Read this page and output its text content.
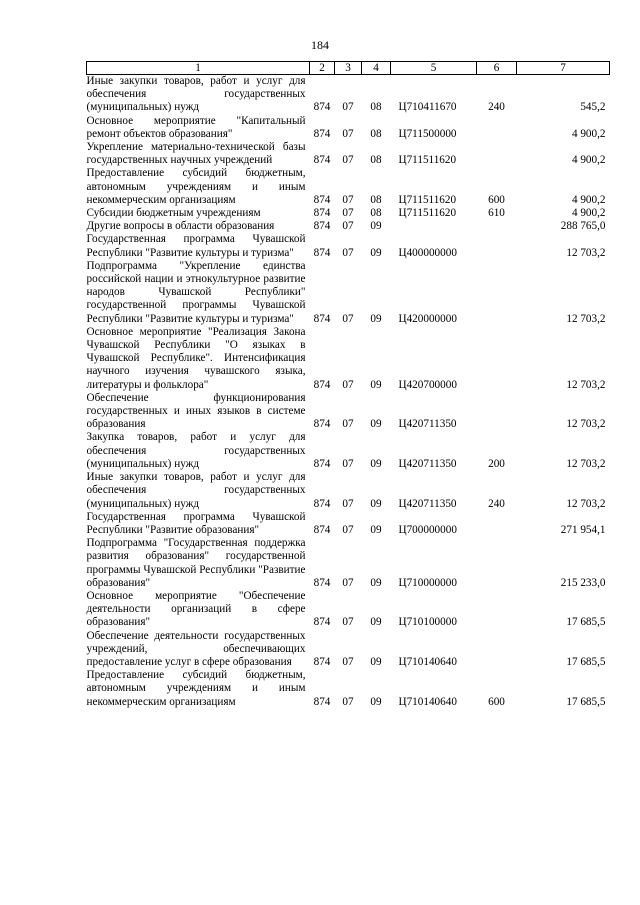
184
1	2	3	4	5	6	7
Иные закупки товаров, работ и услуг для обеспечения государственных (муниципальных) нужд	874	07	08	Ц710411670	240	545,2
Основное мероприятие "Капитальный ремонт объектов образования"	874	07	08	Ц711500000		4 900,2
Укрепление материально-технической базы государственных научных учреждений	874	07	08	Ц711511620		4 900,2
Предоставление субсидий бюджетным, автономным учреждениям и иным некоммерческим организациям	874	07	08	Ц711511620	600	4 900,2
Субсидии бюджетным учреждениям	874	07	08	Ц711511620	610	4 900,2
Другие вопросы в области образования	874	07	09			288 765,0
Государственная программа Чувашской Республики "Развитие культуры и туризма"	874	07	09	Ц400000000		12 703,2
Подпрограмма "Укрепление единства российской нации и этнокультурное развитие народов Чувашской Республики" государственной программы Чувашской Республики "Развитие культуры и туризма"	874	07	09	Ц420000000		12 703,2
Основное мероприятие "Реализация Закона Чувашской Республики "О языках в Чувашской Республике". Интенсификация научного изучения чувашского языка, литературы и фольклора"	874	07	09	Ц420700000		12 703,2
Обеспечение функционирования государственных и иных языков в системе образования	874	07	09	Ц420711350		12 703,2
Закупка товаров, работ и услуг для обеспечения государственных (муниципальных) нужд	874	07	09	Ц420711350	200	12 703,2
Иные закупки товаров, работ и услуг для обеспечения государственных (муниципальных) нужд	874	07	09	Ц420711350	240	12 703,2
Государственная программа Чувашской Республики "Развитие образования"	874	07	09	Ц700000000		271 954,1
Подпрограмма "Государственная поддержка развития образования" государственной программы Чувашской Республики "Развитие образования"	874	07	09	Ц710000000		215 233,0
Основное мероприятие "Обеспечение деятельности организаций в сфере образования"	874	07	09	Ц710100000		17 685,5
Обеспечение деятельности государственных учреждений, обеспечивающих предоставление услуг в сфере образования	874	07	09	Ц710140640		17 685,5
Предоставление субсидий бюджетным, автономным учреждениям и иным некоммерческим организациям	874	07	09	Ц710140640	600	17 685,5
